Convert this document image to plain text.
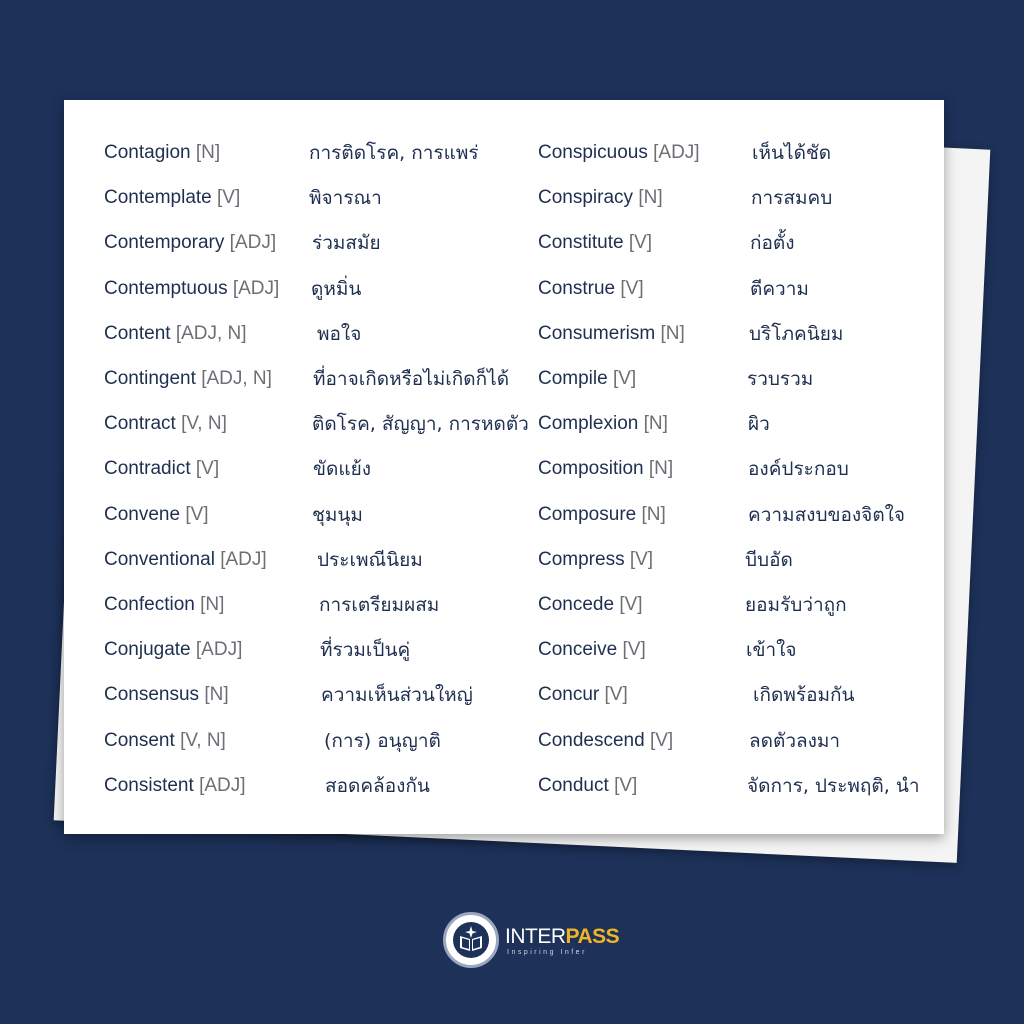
Contagion [N]	การติดโรค, การแพร่
Contemplate [V]	พิจารณา
Contemporary [ADJ] ร่วมสมัย
Contemptuous [ADJ] ดูหมิ่น
Content [ADJ, N]	พอใจ
Contingent [ADJ, N] ที่อาจเกิดหรือไม่เกิดก็ได้
Contract [V, N]	ติดโรค, สัญญา, การหดตัว
Contradict [V]	ขัดแย้ง
Convene [V]	ชุมนุม
Conventional [ADJ]	ประเพณีนิยม
Confection [N]	การเตรียมผสม
Conjugate [ADJ]	ที่รวมเป็นคู่
Consensus [N]	ความเห็นส่วนใหญ่
Consent [V, N]	(การ) อนุญาติ
Consistent [ADJ]	สอดคล้องกัน
Conspicuous [ADJ]	เห็นได้ชัด
Conspiracy [N]	การสมคบ
Constitute [V]	ก่อตั้ง
Construe [V]	ตีความ
Consumerism [N]	บริโภคนิยม
Compile [V]	รวบรวม
Complexion [N]	ผิว
Composition [N]	องค์ประกอบ
Composure [N]	ความสงบของจิตใจ
Compress [V]	บีบอัด
Concede [V]	ยอมรับว่าถูก
Conceive [V]	เข้าใจ
Concur [V]	เกิดพร้อมกัน
Condescend [V]	ลดตัวลงมา
Conduct [V]	จัดการ, ประพฤติ, นำ
INTERPASS
Inspiring Infer
